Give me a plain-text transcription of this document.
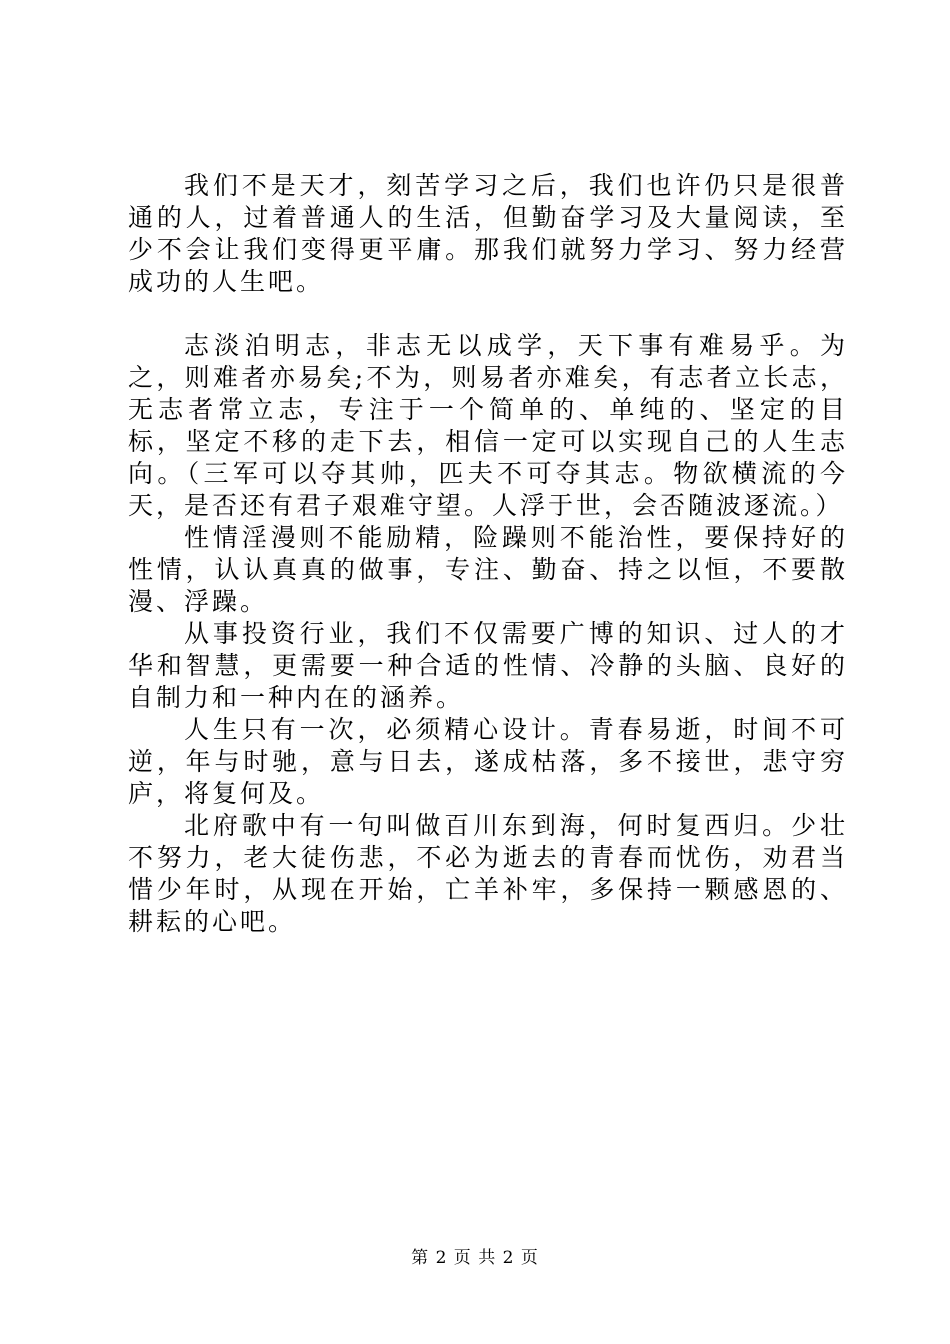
我们不是天才，刻苦学习之后，我们也许仍只是很普通的人，过着普通人的生活，但勤奋学习及大量阅读，至少不会让我们变得更平庸。那我们就努力学习、努力经营成功的人生吧。

志淡泊明志，非志无以成学，天下事有难易乎。为之，则难者亦易矣;不为，则易者亦难矣，有志者立长志，无志者常立志，专注于一个简单的、单纯的、坚定的目标，坚定不移的走下去，相信一定可以实现自己的人生志向。（三军可以夺其帅，匹夫不可夺其志。物欲横流的今天，是否还有君子艰难守望。人浮于世，会否随波逐流。）

性情淫漫则不能励精，险躁则不能治性，要保持好的性情，认认真真的做事，专注、勤奋、持之以恒，不要散漫、浮躁。

从事投资行业，我们不仅需要广博的知识、过人的才华和智慧，更需要一种合适的性情、冷静的头脑、良好的自制力和一种内在的涵养。

人生只有一次，必须精心设计。青春易逝，时间不可逆，年与时驰，意与日去，遂成枯落，多不接世，悲守穷庐，将复何及。

北府歌中有一句叫做百川东到海，何时复西归。少壮不努力，老大徒伤悲，不必为逝去的青春而忧伤，劝君当惜少年时，从现在开始，亡羊补牢，多保持一颗感恩的、耕耘的心吧。

第 2 页 共 2 页
